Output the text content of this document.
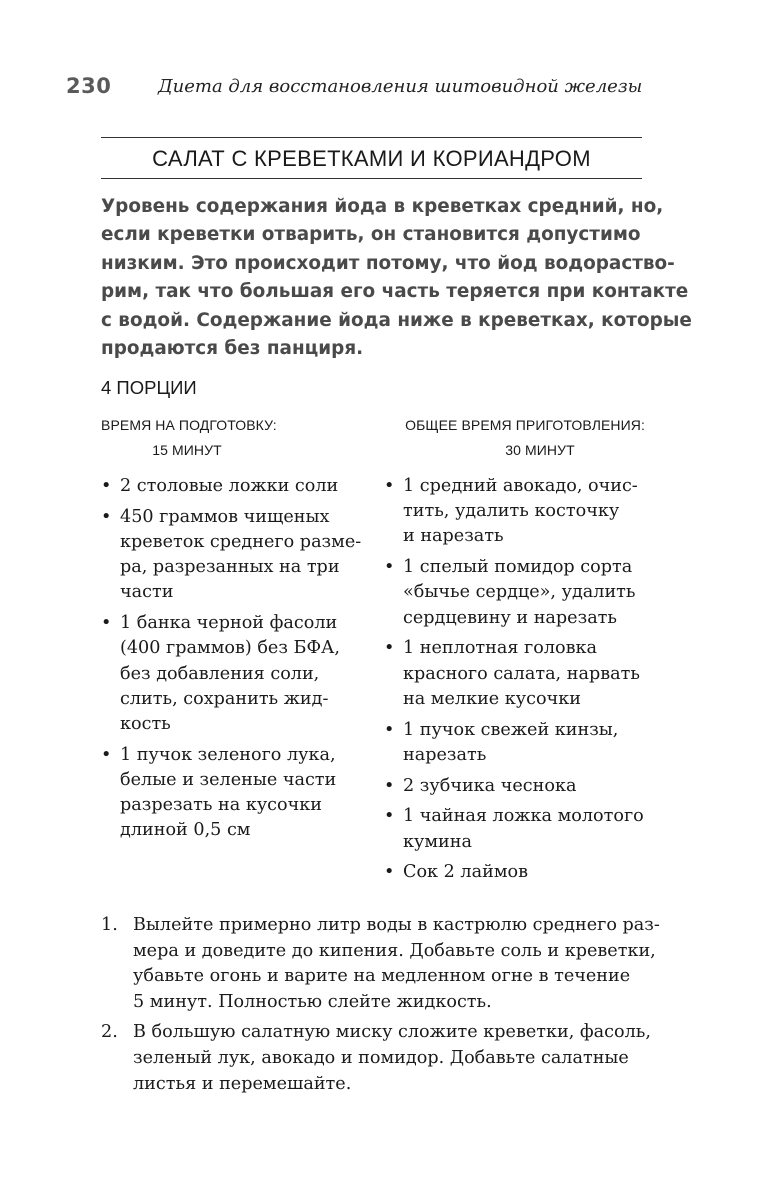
230	Диета для восстановления шитовидной железы
САЛАТ С КРЕВЕТКАМИ И КОРИАНДРОМ
Уровень содержания йода в креветках средний, но,
если креветки отварить, он становится допустимо
низким. Это происходит потому, что йод водораство-
рим, так что большая его часть теряется при контакте
с водой. Содержание йода ниже в креветках, которые
продаются без панциря.
4 ПОРЦИИ
ВРЕМЯ НА ПОДГОТОВКУ:
15 МИНУТ
ОБЩЕЕ ВРЕМЯ ПРИГОТОВЛЕНИЯ:
30 МИНУТ
• 2 столовые ложки соли
• 450 граммов чищеных
креветок среднего разме-
ра, разрезанных на три
части
• 1 банка черной фасоли
(400 граммов) без БФА,
без добавления соли,
слить, сохранить жид-
кость
• 1 пучок зеленого лука,
белые и зеленые части
разрезать на кусочки
длиной 0,5 см
• 1 средний авокадо, очис-
тить, удалить косточку
и нарезать
• 1 спелый помидор сорта
«бычье сердце», удалить
сердцевину и нарезать
• 1 неплотная головка
красного салата, нарвать
на мелкие кусочки
• 1 пучок свежей кинзы,
нарезать
• 2 зубчика чеснока
• 1 чайная ложка молотого
кумина
• Сок 2 лаймов
1. Вылейте примерно литр воды в кастрюлю среднего раз-
мера и доведите до кипения. Добавьте соль и креветки,
убавьте огонь и варите на медленном огне в течение
5 минут. Полностью слейте жидкость.
2. В большую салатную миску сложите креветки, фасоль,
зеленый лук, авокадо и помидор. Добавьте салатные
листья и перемешайте.
